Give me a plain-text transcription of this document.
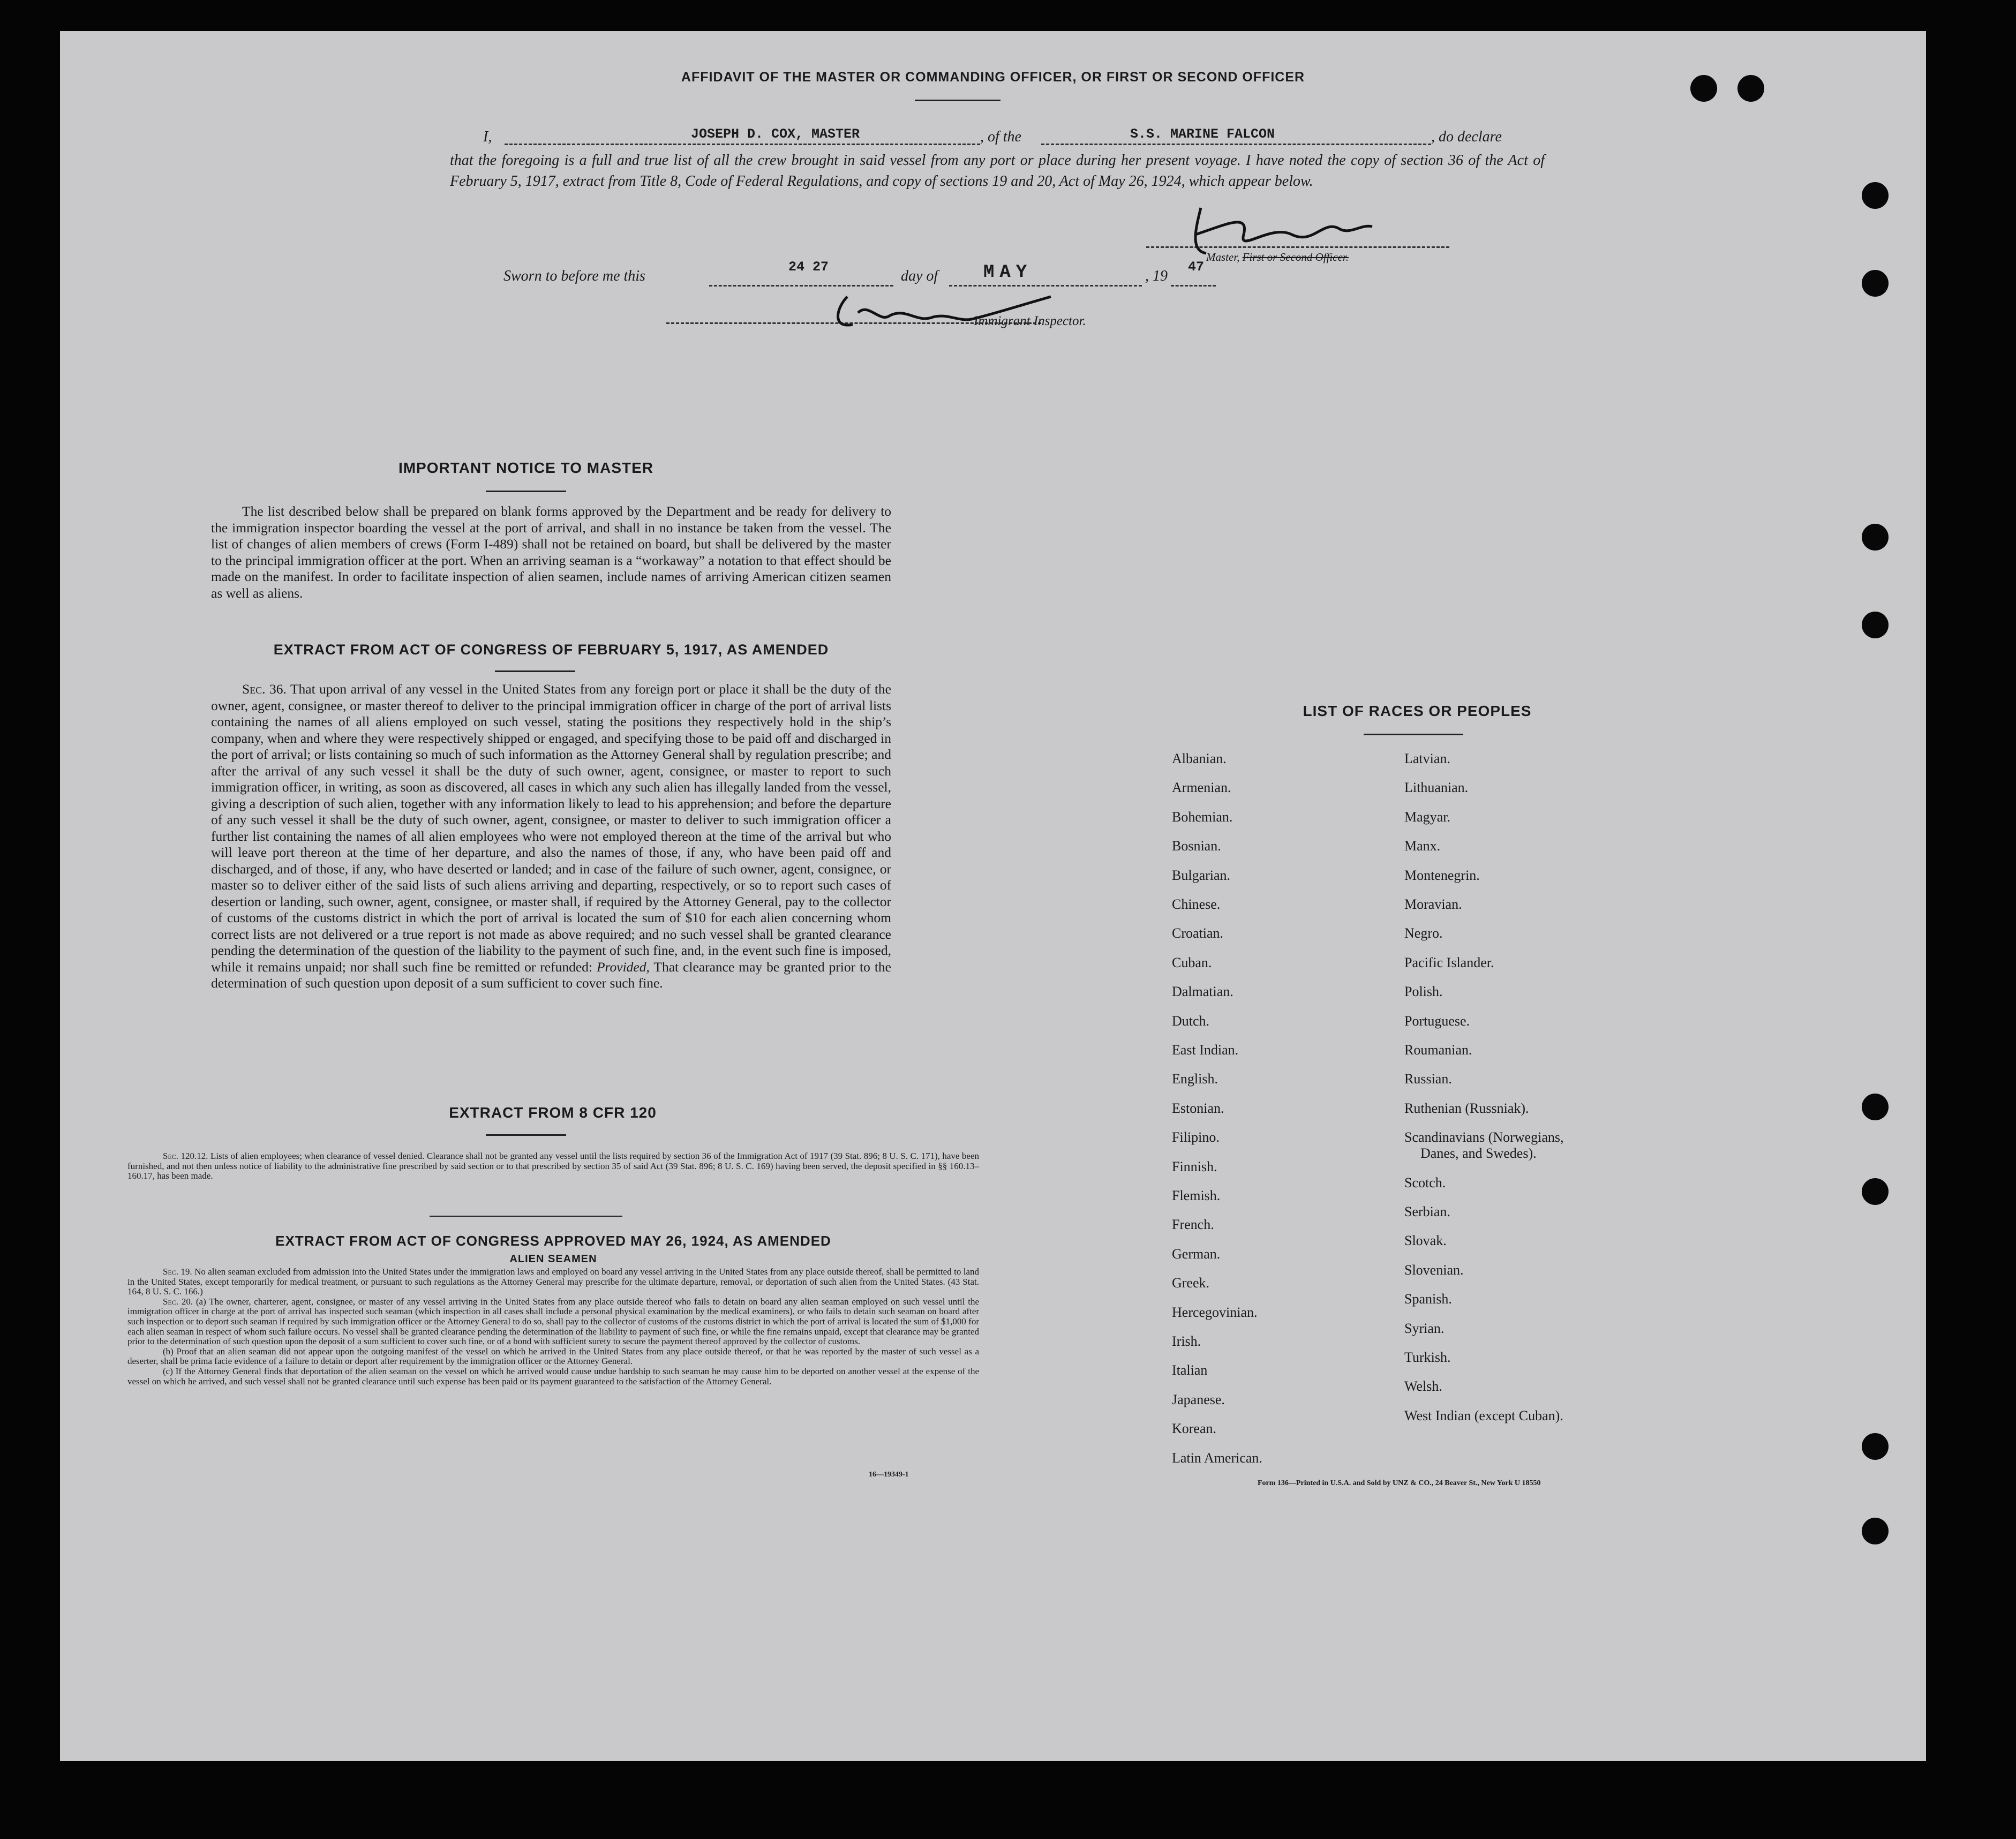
AFFIDAVIT OF THE MASTER OR COMMANDING OFFICER, OR FIRST OR SECOND OFFICER
I,	JOSEPH D. COX, MASTER	, of the	S.S. MARINE FALCON	, do declare
that the foregoing is a full and true list of all the crew brought in said vessel from any port or place during her present voyage. I have noted the copy of section 36 of the Act of February 5, 1917, extract from Title 8, Code of Federal Regulations, and copy of sections 19 and 20, Act of May 26, 1924, which appear below.
Master, First or Second Officer.
Sworn to before me this
24 27
day of MAY	, 19
47
Immigrant Inspector.
IMPORTANT NOTICE TO MASTER
The list described below shall be prepared on blank forms approved by the Department and be ready for delivery to the immigration inspector boarding the vessel at the port of arrival, and shall in no instance be taken from the vessel. The list of changes of alien members of crews (Form I-489) shall not be retained on board, but shall be delivered by the master to the principal immigration officer at the port. When an arriving seaman is a “workaway” a notation to that effect should be made on the manifest. In order to facilitate inspection of alien seamen, include names of arriving American citizen seamen as well as aliens.
EXTRACT FROM ACT OF CONGRESS OF FEBRUARY 5, 1917, AS AMENDED
Sec. 36. That upon arrival of any vessel in the United States from any foreign port or place it shall be the duty of the owner, agent, consignee, or master thereof to deliver to the principal immigration officer in charge of the port of arrival lists containing the names of all aliens employed on such vessel, stating the positions they respectively hold in the ship’s company, when and where they were respectively shipped or engaged, and specifying those to be paid off and discharged in the port of arrival; or lists containing so much of such information as the Attorney General shall by regulation prescribe; and after the arrival of any such vessel it shall be the duty of such owner, agent, consignee, or master to report to such immigration officer, in writing, as soon as discovered, all cases in which any such alien has illegally landed from the vessel, giving a description of such alien, together with any information likely to lead to his apprehension; and before the departure of any such vessel it shall be the duty of such owner, agent, consignee, or master to deliver to such immigration officer a further list containing the names of all alien employees who were not employed thereon at the time of the arrival but who will leave port thereon at the time of her departure, and also the names of those, if any, who have been paid off and discharged, and of those, if any, who have deserted or landed; and in case of the failure of such owner, agent, consignee, or master so to deliver either of the said lists of such aliens arriving and departing, respectively, or so to report such cases of desertion or landing, such owner, agent, consignee, or master shall, if required by the Attorney General, pay to the collector of customs of the customs district in which the port of arrival is located the sum of $10 for each alien concerning whom correct lists are not delivered or a true report is not made as above required; and no such vessel shall be granted clearance pending the determination of the question of the liability to the payment of such fine, and, in the event such fine is imposed, while it remains unpaid; nor shall such fine be remitted or refunded: Provided, That clearance may be granted prior to the determination of such question upon deposit of a sum sufficient to cover such fine.
EXTRACT FROM 8 CFR 120
Sec. 120.12. Lists of alien employees; when clearance of vessel denied. Clearance shall not be granted any vessel until the lists required by section 36 of the Immigration Act of 1917 (39 Stat. 896; 8 U. S. C. 171), have been furnished, and not then unless notice of liability to the administrative fine prescribed by said section or to that prescribed by section 35 of said Act (39 Stat. 896; 8 U. S. C. 169) having been served, the deposit specified in §§ 160.13–160.17, has been made.
EXTRACT FROM ACT OF CONGRESS APPROVED MAY 26, 1924, AS AMENDED
ALIEN SEAMEN
Sec. 19. No alien seaman excluded from admission into the United States under the immigration laws and employed on board any vessel arriving in the United States from any place outside thereof, shall be permitted to land in the United States, except temporarily for medical treatment, or pursuant to such regulations as the Attorney General may prescribe for the ultimate departure, removal, or deportation of such alien from the United States. (43 Stat. 164, 8 U. S. C. 166.)
Sec. 20. (a) The owner, charterer, agent, consignee, or master of any vessel arriving in the United States from any place outside thereof who fails to detain on board any alien seaman employed on such vessel until the immigration officer in charge at the port of arrival has inspected such seaman (which inspection in all cases shall include a personal physical examination by the medical examiners), or who fails to detain such seaman on board after such inspection or to deport such seaman if required by such immigration officer or the Attorney General to do so, shall pay to the collector of customs of the customs district in which the port of arrival is located the sum of $1,000 for each alien seaman in respect of whom such failure occurs. No vessel shall be granted clearance pending the determination of the liability to payment of such fine, or while the fine remains unpaid, except that clearance may be granted prior to the determination of such question upon the deposit of a sum sufficient to cover such fine, or of a bond with sufficient surety to secure the payment thereof approved by the collector of customs.
(b) Proof that an alien seaman did not appear upon the outgoing manifest of the vessel on which he arrived in the United States from any place outside thereof, or that he was reported by the master of such vessel as a deserter, shall be prima facie evidence of a failure to detain or deport after requirement by the immigration officer or the Attorney General.
(c) If the Attorney General finds that deportation of the alien seaman on the vessel on which he arrived would cause undue hardship to such seaman he may cause him to be deported on another vessel at the expense of the vessel on which he arrived, and such vessel shall not be granted clearance until such expense has been paid or its payment guaranteed to the satisfaction of the Attorney General.
16—19349-1
LIST OF RACES OR PEOPLES
Albanian.
Armenian.
Bohemian.
Bosnian.
Bulgarian.
Chinese.
Croatian.
Cuban.
Dalmatian.
Dutch.
East Indian.
English.
Estonian.
Filipino.
Finnish.
Flemish.
French.
German.
Greek.
Hercegovinian.
Irish.
Italian
Japanese.
Korean.
Latin American.
Latvian.
Lithuanian.
Magyar.
Manx.
Montenegrin.
Moravian.
Negro.
Pacific Islander.
Polish.
Portuguese.
Roumanian.
Russian.
Ruthenian (Russniak).
Scandinavians (Norwegians,
Danes, and Swedes).
Scotch.
Serbian.
Slovak.
Slovenian.
Spanish.
Syrian.
Turkish.
Welsh.
West Indian (except Cuban).
Form 136—Printed in U.S.A. and Sold by UNZ & CO., 24 Beaver St., New York U 18550
